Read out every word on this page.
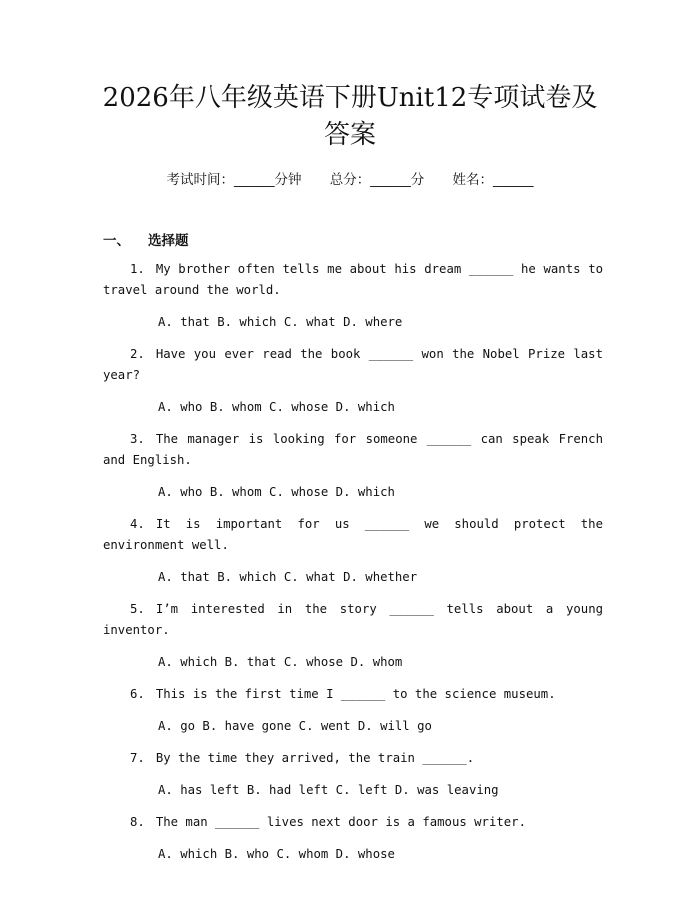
2026年八年级英语下册Unit12专项试卷及答案
考试时间：______分钟 总分：______分 姓名：______
一、 选择题

1. My brother often tells me about his dream ______ he wants to travel around the world.

A. that B. which C. what D. where

2. Have you ever read the book ______ won the Nobel Prize last year?

A. who B. whom C. whose D. which

3. The manager is looking for someone ______ can speak French and English.

A. who B. whom C. whose D. which

4. It is important for us ______ we should protect the environment well.

A. that B. which C. what D. whether

5. I’m interested in the story ______ tells about a young inventor.

A. which B. that C. whose D. whom

6. This is the first time I ______ to the science museum.

A. go B. have gone C. went D. will go

7. By the time they arrived, the train ______.

A. has left B. had left C. left D. was leaving

8. The man ______ lives next door is a famous writer.

A. which B. who C. whom D. whose
